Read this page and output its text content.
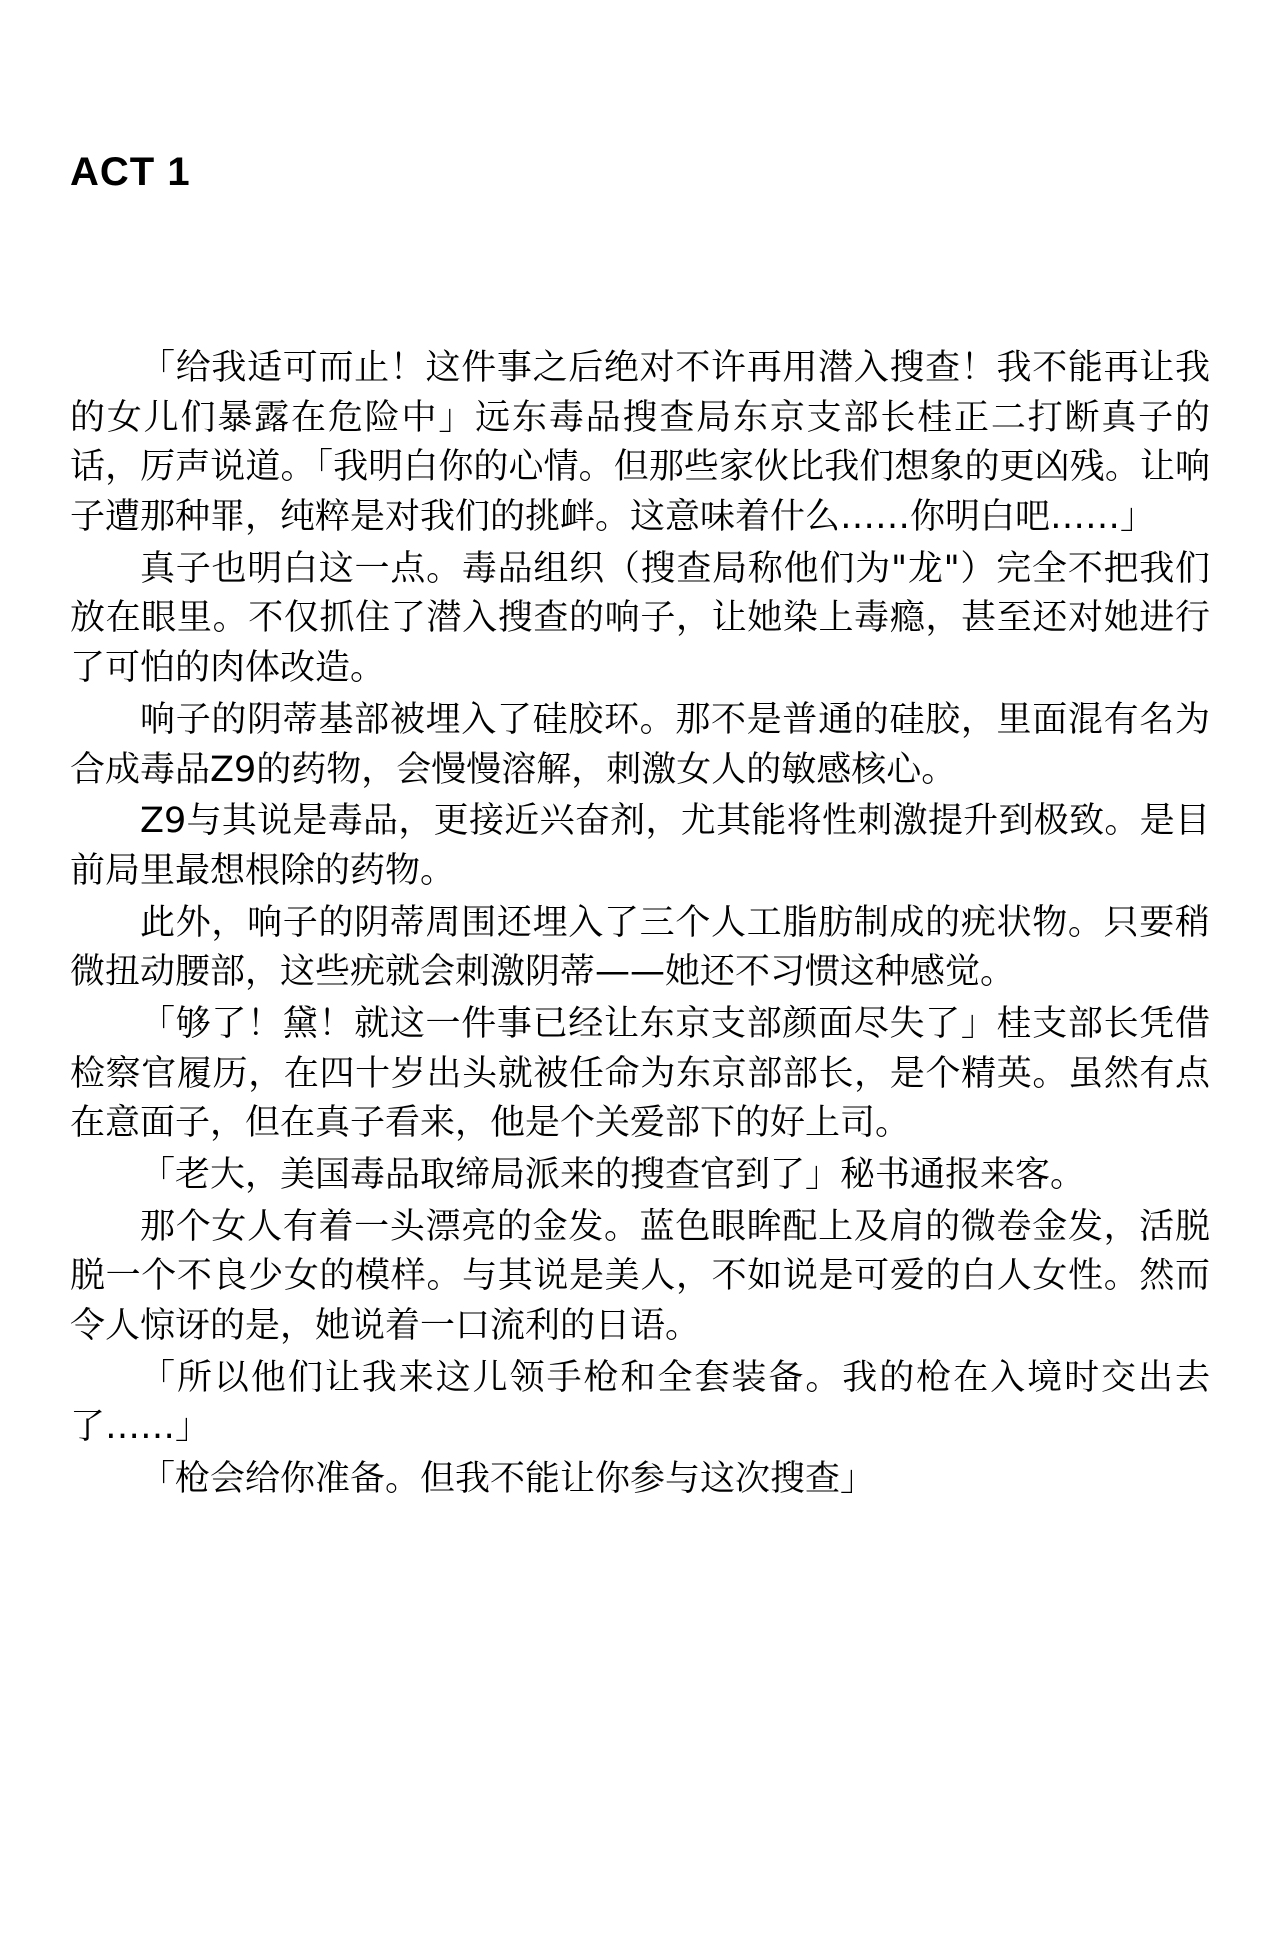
ACT 1

「给我适可而止！这件事之后绝对不许再用潜入搜查！我不能再让我的女儿们暴露在危险中」远东毒品搜查局东京支部长桂正二打断真子的话，厉声说道。「我明白你的心情。但那些家伙比我们想象的更凶残。让响子遭那种罪，纯粹是对我们的挑衅。这意味着什么……你明白吧……」

真子也明白这一点。毒品组织（搜查局称他们为"龙"）完全不把我们放在眼里。不仅抓住了潜入搜查的响子，让她染上毒瘾，甚至还对她进行了可怕的肉体改造。

响子的阴蒂基部被埋入了硅胶环。那不是普通的硅胶，里面混有名为合成毒品Z9的药物，会慢慢溶解，刺激女人的敏感核心。

Z9与其说是毒品，更接近兴奋剂，尤其能将性刺激提升到极致。是目前局里最想根除的药物。

此外，响子的阴蒂周围还埋入了三个人工脂肪制成的疣状物。只要稍微扭动腰部，这些疣就会刺激阴蒂——她还不习惯这种感觉。

「够了！黛！就这一件事已经让东京支部颜面尽失了」桂支部长凭借检察官履历，在四十岁出头就被任命为东京部部长，是个精英。虽然有点在意面子，但在真子看来，他是个关爱部下的好上司。

「老大，美国毒品取缔局派来的搜查官到了」秘书通报来客。

那个女人有着一头漂亮的金发。蓝色眼眸配上及肩的微卷金发，活脱脱一个不良少女的模样。与其说是美人，不如说是可爱的白人女性。然而令人惊讶的是，她说着一口流利的日语。

「所以他们让我来这儿领手枪和全套装备。我的枪在入境时交出去了……」

「枪会给你准备。但我不能让你参与这次搜查」
